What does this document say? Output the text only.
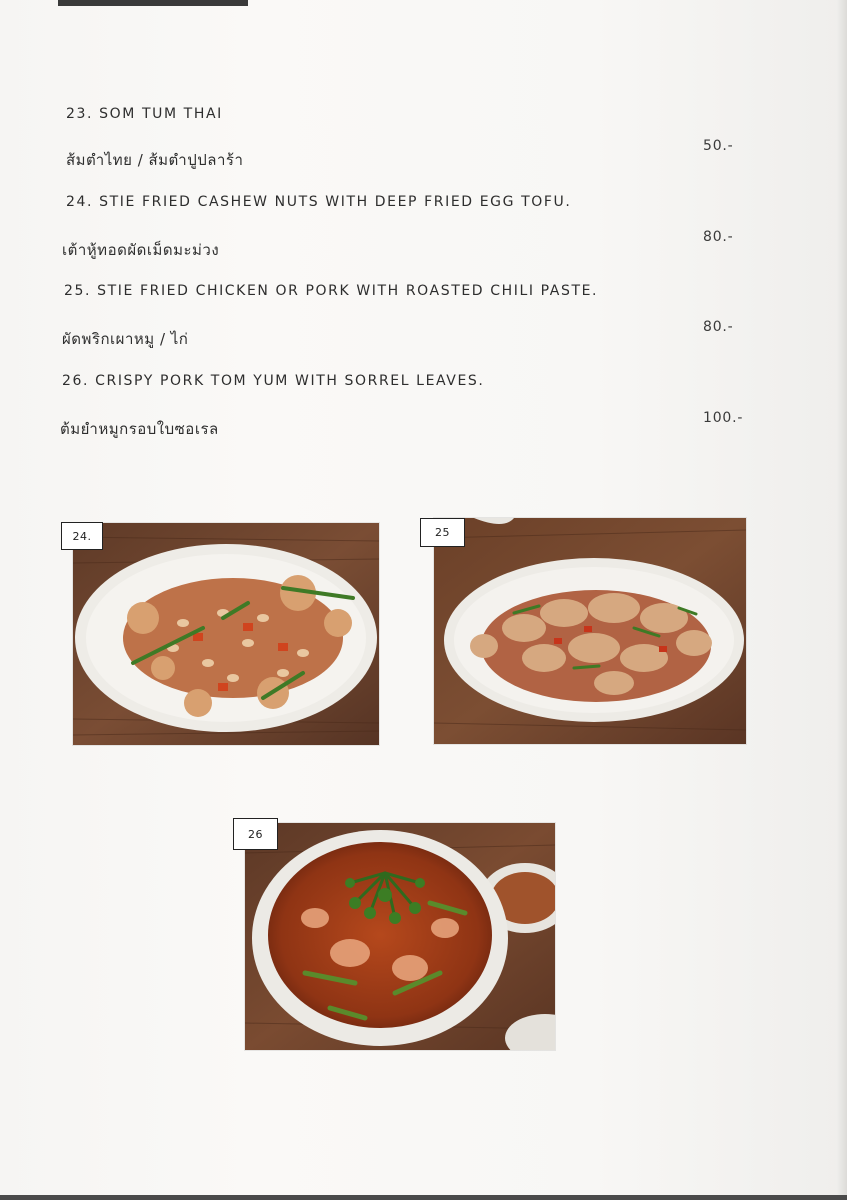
23. SOM TUM THAI
ส้มตำไทย / ส้มตำปูปลาร้า
50.-
24. STIE FRIED CASHEW NUTS WITH DEEP FRIED EGG TOFU.
เต้าหู้ทอดผัดเม็ดมะม่วง
80.-
25. STIE FRIED CHICKEN OR PORK WITH ROASTED CHILI PASTE.
ผัดพริกเผาหมู / ไก่
80.-
26. CRISPY PORK TOM YUM WITH SORREL LEAVES.
ต้มยำหมูกรอบใบซอเรล
100.-
24.	25
26
